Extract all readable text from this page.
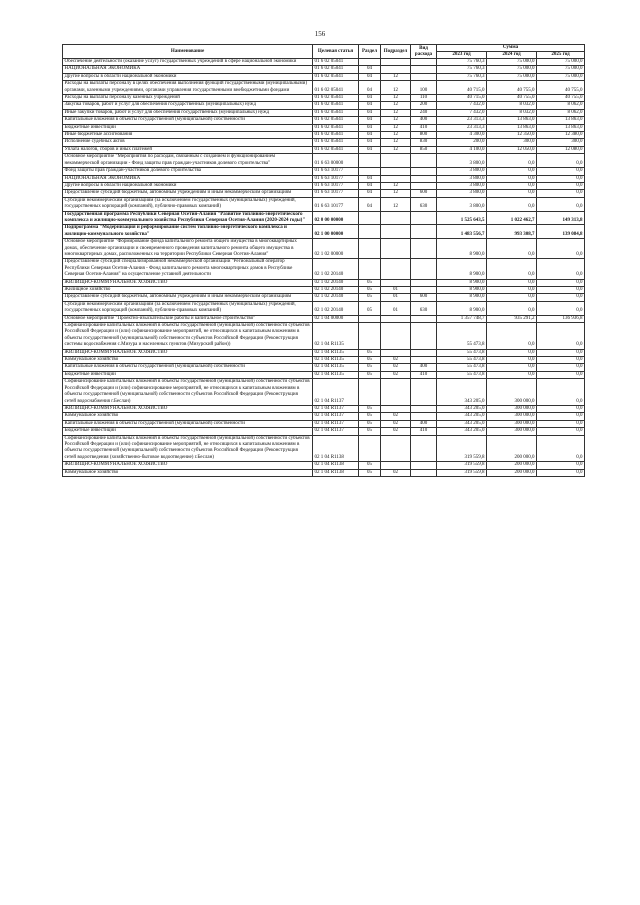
156
Наименование	Целевая статья	Раздел	Подраздел	Вид расхода	Сумма		
					2023 год	2024 год	2025 год
Обеспечение деятельности (оказание услуг) государственных учреждений в сфере национальной экономики	01 6 02 05041				75 760,3	75 000,0	75 000,0
НАЦИОНАЛЬНАЯ ЭКОНОМИКА	01 6 02 05041	04			75 760,3	75 000,0	75 000,0
Другие вопросы в области национальной экономики	01 6 02 05041	04	12		75 760,3	75 000,0	75 000,0
Расходы на выплаты персоналу в целях обеспечения выполнения функций государственными (муниципальными) органами, казенными учреждениями, органами управления государственными внебюджетными фондами	01 6 02 05041	04	12	100	40 715,0	40 755,0	40 755,0
Расходы на выплаты персоналу казенных учреждений	01 6 02 05041	04	12	110	40 715,0	40 755,0	40 755,0
Закупка товаров, работ и услуг для обеспечения государственных (муниципальных) нужд	01 6 02 05041	04	12	200	7 432,0	8 032,0	8 062,0
Иные закупки товаров, работ и услуг для обеспечения государственных (муниципальных) нужд	01 6 02 05041	04	12	240	7 432,0	8 032,0	8 062,0
Капитальные вложения в объекты государственной (муниципальной) собственности	01 6 02 05041	04	12	400	23 313,3	13 863,0	13 863,0
Бюджетные инвестиции	01 6 02 05041	04	12	410	23 313,3	13 863,0	13 863,0
Иные бюджетные ассигнования	01 6 02 05041	04	12	800	4 300,0	12 350,0	12 380,0
Исполнение судебных актов	01 6 02 05041	04	12	830	200,0	300,0	300,0
Уплата налогов, сборов и иных платежей	01 6 02 05041	04	12	850	4 100,0	12 050,0	12 080,0
Основное мероприятие "Мероприятия по расходам, связанным с созданием и функционированием некоммерческой организации - Фонд защиты прав граждан-участников долевого строительства"	01 6 63 00000				3 800,0	0,0	0,0
Фонд защиты прав граждан-участников долевого строительства	01 6 63 10177				3 800,0	0,0	0,0
НАЦИОНАЛЬНАЯ ЭКОНОМИКА	01 6 63 10177	04			3 800,0	0,0	0,0
Другие вопросы в области национальной экономики	01 6 63 10177	04	12		3 800,0	0,0	0,0
Предоставление субсидий бюджетным, автономным учреждениям и иным некоммерческим организациям	01 6 63 10177	04	12	600	3 800,0	0,0	0,0
Субсидии некоммерческим организациям (за исключением государственных (муниципальных) учреждений, государственных корпораций (компаний), публично-правовых компаний)	01 6 63 10177	04	12	630	3 800,0	0,0	0,0
Государственная программа Республики Северная Осетия-Алания "Развитие топливно-энергетического комплекса и жилищно-коммунального хозяйства Республики Северная Осетия-Алания (2020-2024 годы)"	02 0 00 00000				1 525 643,5	1 022 462,7	149 313,8
Подпрограмма "Модернизация и реформирование систем топливно-энергетического комплекса и жилищно-коммунального хозяйства"	02 1 00 00000				1 483 556,7	993 308,7	139 084,8
Основное мероприятие "Формирование фонда капитального ремонта общего имущества в многоквартирных домах, обеспечение организации и своевременного проведения капитального ремонта общего имущества в многоквартирных домах, расположенных на территории Республики Северная Осетия-Алания"	02 1 02 00000				8 900,0	0,0	0,0
Предоставление субсидий специализированной некоммерческой организации "Региональный оператор Республики Северная Осетия-Алания - Фонд капитального ремонта многоквартирных домов в Республике Северная Осетия-Алания" на осуществление уставной деятельности	02 1 02 20140				8 900,0	0,0	0,0
ЖИЛИЩНО-КОММУНАЛЬНОЕ ХОЗЯЙСТВО	02 1 02 20140	05			8 900,0	0,0	0,0
Жилищное хозяйство	02 1 02 20140	05	01		8 900,0	0,0	0,0
Предоставление субсидий бюджетным, автономным учреждениям и иным некоммерческим организациям	02 1 02 20140	05	01	600	8 900,0	0,0	0,0
Субсидии некоммерческим организациям (за исключением государственных (муниципальных) учреждений, государственных корпораций (компаний), публично-правовых компаний)	02 1 02 20140	05	01	630	8 900,0	0,0	0,0
Основное мероприятие "Проектно-изыскательские работы и капитальное строительство"	02 1 04 00000				1 357 748,7	935 291,2	136 936,8
Софинансирование капитальных вложений в объекты государственной (муниципальной) собственности субъектов Российской Федерации и (или) софинансирование мероприятий, не относящихся к капитальным вложениям в объекты государственной (муниципальной) собственности субъектов Российской Федерации (Реконструкция системы водоснабжения с.Мизура и населенных пунктов (Мизурский район))	02 1 04 R1135				55 473,8	0,0	0,0
ЖИЛИЩНО-КОММУНАЛЬНОЕ ХОЗЯЙСТВО	02 1 04 R1135	05			55 473,8	0,0	0,0
Коммунальное хозяйство	02 1 04 R1135	05	02		55 473,8	0,0	0,0
Капитальные вложения в объекты государственной (муниципальной) собственности	02 1 04 R1135	05	02	400	55 473,8	0,0	0,0
Бюджетные инвестиции	02 1 04 R1135	05	02	410	55 473,8	0,0	0,0
Софинансирование капитальных вложений в объекты государственной (муниципальной) собственности субъектов Российской Федерации и (или) софинансирование мероприятий, не относящихся к капитальным вложениям в объекты государственной (муниципальной) собственности субъектов Российской Федерации (Реконструкция сетей водоснабжения г.Беслан)	02 1 04 R1137				343 205,0	300 000,0	0,0
ЖИЛИЩНО-КОММУНАЛЬНОЕ ХОЗЯЙСТВО	02 1 04 R1137	05			343 205,0	300 000,0	0,0
Коммунальное хозяйство	02 1 04 R1137	05	02		343 205,0	300 000,0	0,0
Капитальные вложения в объекты государственной (муниципальной) собственности	02 1 04 R1137	05	02	400	343 205,0	300 000,0	0,0
Бюджетные инвестиции	02 1 04 R1137	05	02	410	343 205,0	300 000,0	0,0
Софинансирование капитальных вложений в объекты государственной (муниципальной) собственности субъектов Российской Федерации и (или) софинансирование мероприятий, не относящихся к капитальным вложениям в объекты государственной (муниципальной) собственности субъектов Российской Федерации (Реконструкция сетей водоотведения (хозяйственно-бытовое водоотведение) г.Беслан)	02 1 04 R1138				319 559,8	200 000,0	0,0
ЖИЛИЩНО-КОММУНАЛЬНОЕ ХОЗЯЙСТВО	02 1 04 R1138	05			319 559,8	200 000,0	0,0
Коммунальное хозяйство	02 1 04 R1138	05	02		319 559,8	200 000,0	0,0
